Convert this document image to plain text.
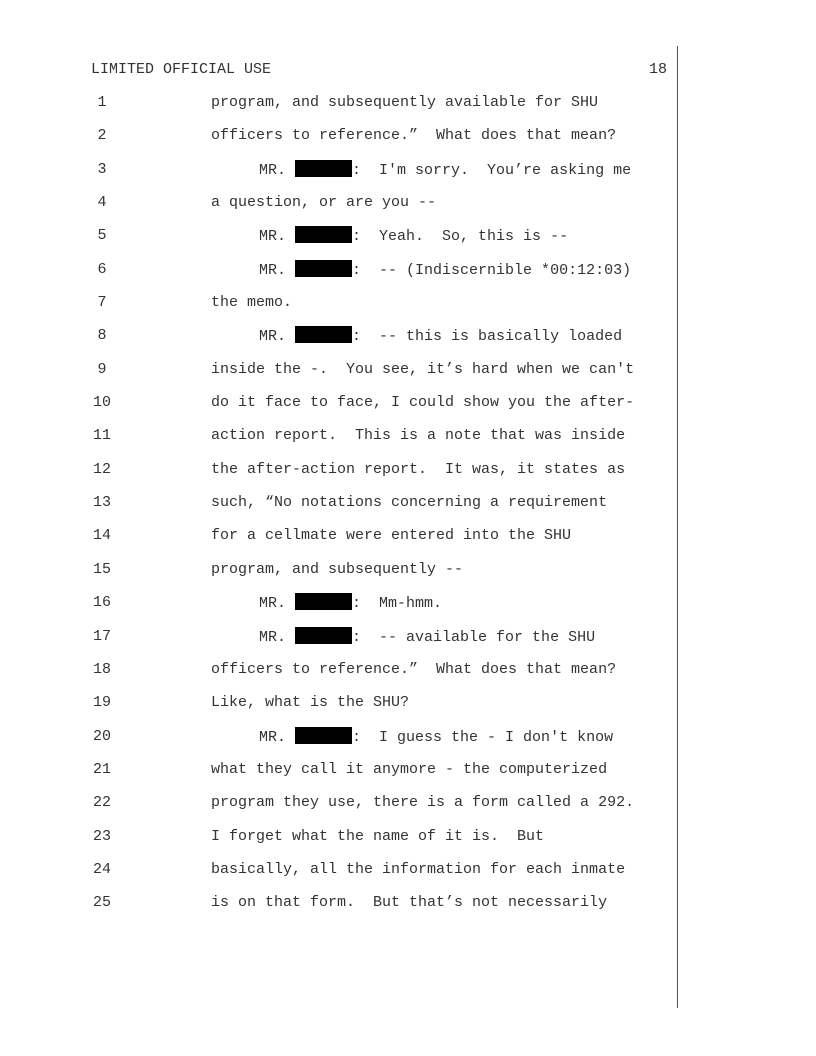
LIMITED OFFICIAL USE	18
1	program, and subsequently available for SHU
2	officers to reference.”  What does that mean?
3	MR.	:  I'm sorry.  You’re asking me
4	a question, or are you --
5	MR.	:  Yeah.  So, this is --
6	MR.	:  -- (Indiscernible *00:12:03)
7	the memo.
8	MR.	:  -- this is basically loaded
9	inside the -.  You see, it’s hard when we can't
10	do it face to face, I could show you the after-
11	action report.  This is a note that was inside
12	the after-action report.  It was, it states as
13	such, “No notations concerning a requirement
14	for a cellmate were entered into the SHU
15	program, and subsequently --
16	MR.	:  Mm-hmm.
17	MR.	:  -- available for the SHU
18	officers to reference.”  What does that mean?
19	Like, what is the SHU?
20	MR.	:  I guess the - I don't know
21	what they call it anymore - the computerized
22	program they use, there is a form called a 292.
23	I forget what the name of it is.  But
24	basically, all the information for each inmate
25	is on that form.  But that’s not necessarily
